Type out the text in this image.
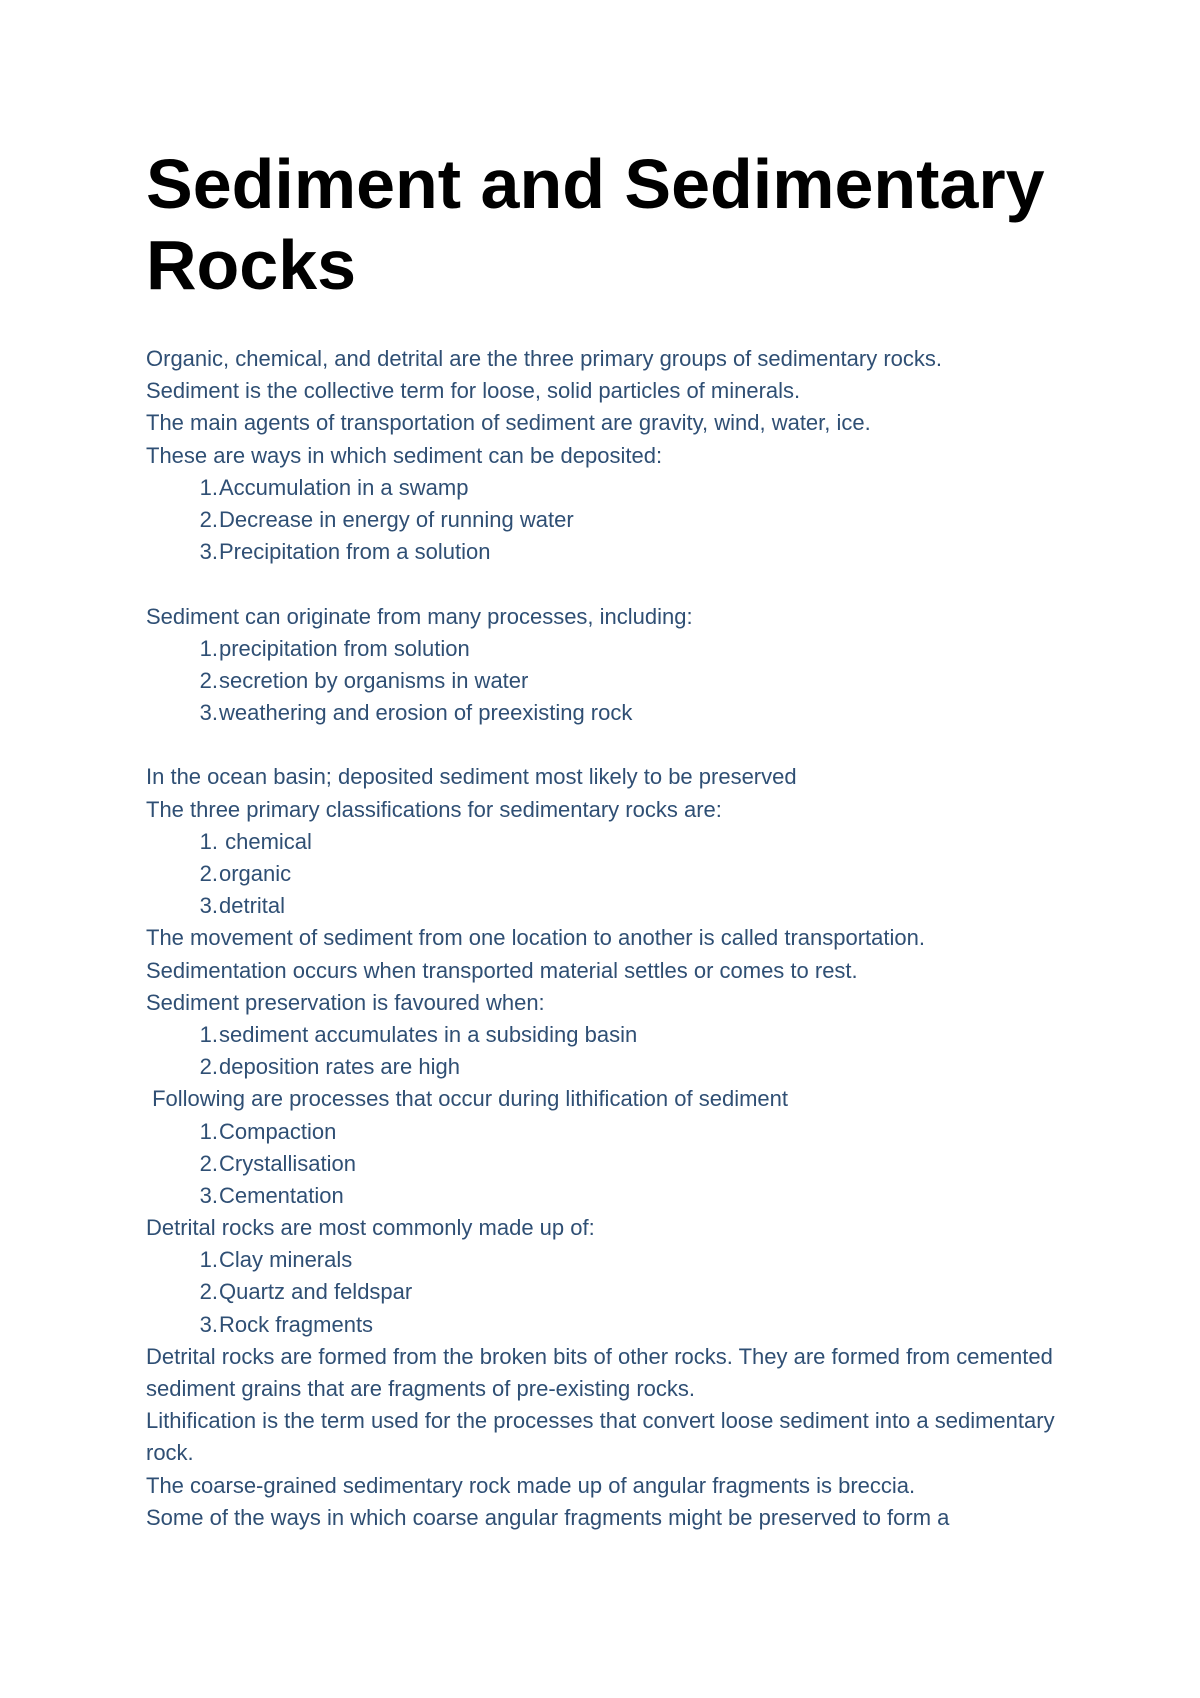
Sediment and Sedimentary Rocks

Organic, chemical, and detrital are the three primary groups of sedimentary rocks.

Sediment is the collective term for loose, solid particles of minerals.

The main agents of transportation of sediment are gravity, wind, water, ice.

These are ways in which sediment can be deposited:

1. Accumulation in a swamp
2. Decrease in energy of running water
3. Precipitation from a solution

Sediment can originate from many processes, including:

1. precipitation from solution
2. secretion by organisms in water
3. weathering and erosion of preexisting rock

In the ocean basin; deposited sediment most likely to be preserved

The three primary classifications for sedimentary rocks are:

1. chemical
2. organic
3. detrital

The movement of sediment from one location to another is called transportation.

Sedimentation occurs when transported material settles or comes to rest.

Sediment preservation is favoured when:

1. sediment accumulates in a subsiding basin
2. deposition rates are high

Following are processes that occur during lithification of sediment

1. Compaction
2. Crystallisation
3. Cementation

Detrital rocks are most commonly made up of:

1. Clay minerals
2. Quartz and feldspar
3. Rock fragments

Detrital rocks are formed from the broken bits of other rocks. They are formed from cemented sediment grains that are fragments of pre-existing rocks.

Lithification is the term used for the processes that convert loose sediment into a sedimentary rock.

The coarse-grained sedimentary rock made up of angular fragments is breccia.

Some of the ways in which coarse angular fragments might be preserved to form a
